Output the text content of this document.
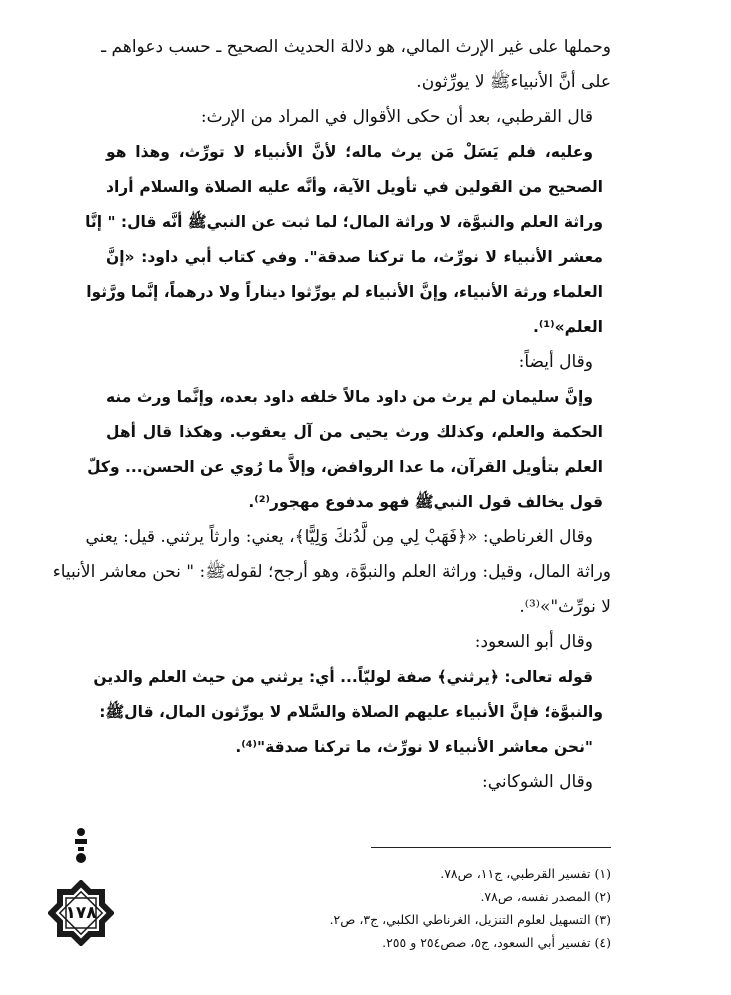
وحملها على غير الإرث المالي، هو دلالة الحديث الصحيح ـ حسب دعواهم ـ
على أنَّ الأنبياءﷺ لا يورِّثون.
قال القرطبي، بعد أن حكى الأقوال في المراد من الإرث:
وعليه، فلم يَسَلْ مَن يرث ماله؛ لأنَّ الأنبياء لا تورِّث، وهذا هو
الصحيح من القولين في تأويل الآية، وأنَّه عليه الصلاة والسلام أراد
وراثة العلم والنبوَّة، لا وراثة المال؛ لما ثبت عن النبيﷺ أنَّه قال: " إنَّا
معشر الأنبياء لا نورِّث، ما تركنا صدقة". وفي كتاب أبي داود: «إنَّ
العلماء ورثة الأنبياء، وإنَّ الأنبياء لم يورِّثوا ديناراً ولا درهماً، إنَّما ورَّثوا
العلم»⁽¹⁾.
وقال أيضاً:
وإنَّ سليمان لم يرث من داود مالاً خلفه داود بعده، وإنَّما ورث منه
الحكمة والعلم، وكذلك ورث يحيى من آل يعقوب. وهكذا قال أهل
العلم بتأويل القرآن، ما عدا الروافض، وإلاَّ ما رُوي عن الحسن... وكلّ
قول يخالف قول النبيﷺ فهو مدفوع مهجور⁽²⁾.
وقال الغرناطي: «﴿فَهَبْ لِي مِن لَّدُنكَ وَلِيًّا﴾، يعني: وارثاً يرثني. قيل: يعني
وراثة المال، وقيل: وراثة العلم والنبوَّة، وهو أرجح؛ لقولهﷺ: " نحن معاشر الأنبياء
لا نورِّث"»⁽³⁾.
وقال أبو السعود:
قوله تعالى: ﴿يرثني﴾ صفة لوليّاً... أي: يرثني من حيث العلم والدين
والنبوَّة؛ فإنَّ الأنبياء عليهم الصلاة والسَّلام لا يورِّثون المال، قالﷺ:
"نحن معاشر الأنبياء لا نورِّث، ما تركنا صدقة"⁽⁴⁾.
وقال الشوكاني:
(١) تفسير القرطبي، ج١١، ص٧٨.
(٢) المصدر نفسه، ص٧٨.
(٣) التسهيل لعلوم التنزيل، الغرناطي الكلبي، ج٣، ص٢.
(٤) تفسير أبي السعود، ج٥، صص٢٥٤ و ٢٥٥.
١٧٨
